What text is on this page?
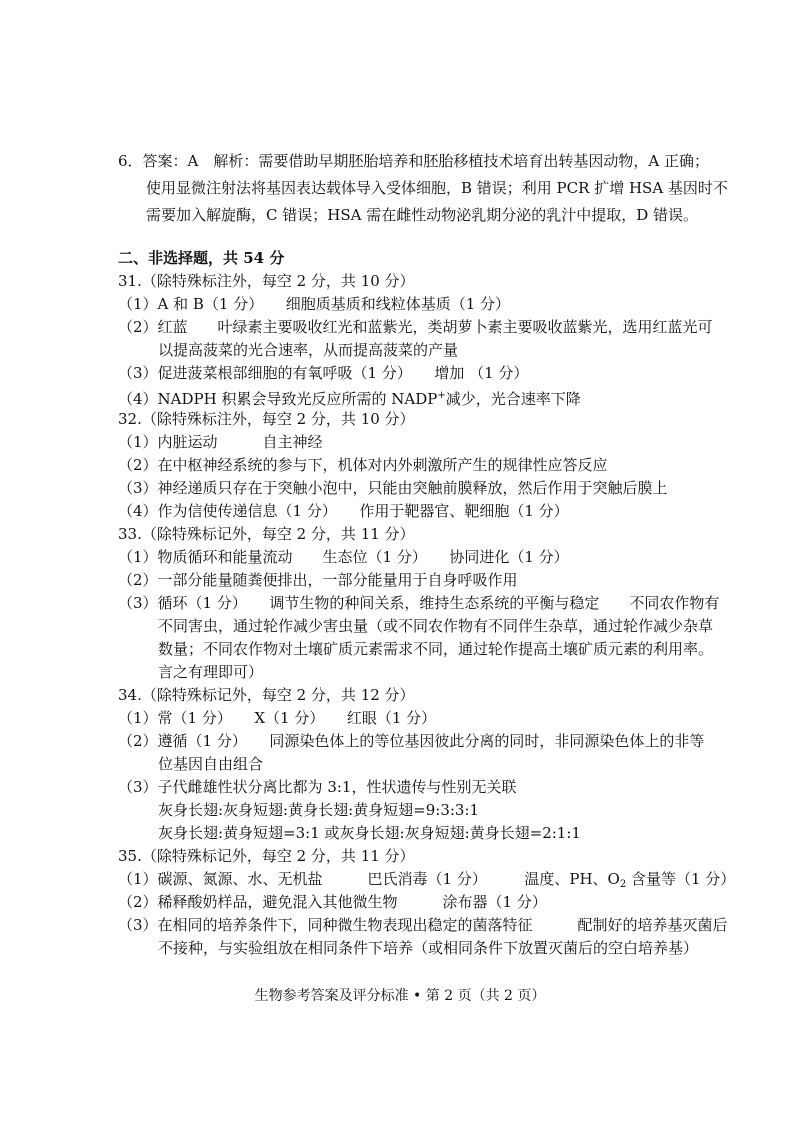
6．答案：A　解析：需要借助早期胚胎培养和胚胎移植技术培育出转基因动物，A 正确；
使用显微注射法将基因表达载体导入受体细胞，B 错误；利用 PCR 扩增 HSA 基因时不
需要加入解旋酶，C 错误；HSA 需在雌性动物泌乳期分泌的乳汁中提取，D 错误。
二、非选择题，共 54 分
31.（除特殊标注外，每空 2 分，共 10 分）
（1）A 和 B（1 分）　　细胞质基质和线粒体基质（1 分）
（2）红蓝　　叶绿素主要吸收红光和蓝紫光，类胡萝卜素主要吸收蓝紫光，选用红蓝光可
以提高菠菜的光合速率，从而提高菠菜的产量
（3）促进菠菜根部细胞的有氧呼吸（1 分）　　增加 （1 分）
（4）NADPH 积累会导致光反应所需的 NADP+减少，光合速率下降
32.（除特殊标注外，每空 2 分，共 10 分）
（1）内脏运动　　　自主神经
（2）在中枢神经系统的参与下，机体对内外刺激所产生的规律性应答反应
（3）神经递质只存在于突触小泡中，只能由突触前膜释放，然后作用于突触后膜上
（4）作为信使传递信息（1 分）　　作用于靶器官、靶细胞（1 分）
33.（除特殊标记外，每空 2 分，共 11 分）
（1）物质循环和能量流动　　生态位（1 分）　　协同进化（1 分）
（2）一部分能量随粪便排出，一部分能量用于自身呼吸作用
（3）循环（1 分）　　调节生物的种间关系，维持生态系统的平衡与稳定　　不同农作物有
不同害虫，通过轮作减少害虫量（或不同农作物有不同伴生杂草，通过轮作减少杂草
数量；不同农作物对土壤矿质元素需求不同，通过轮作提高土壤矿质元素的利用率。
言之有理即可）
34.（除特殊标记外，每空 2 分，共 12 分）
（1）常（1 分）　　X（1 分）　　红眼（1 分）
（2）遵循（1 分）　　同源染色体上的等位基因彼此分离的同时，非同源染色体上的非等
位基因自由组合
（3）子代雌雄性状分离比都为 3:1，性状遗传与性别无关联
灰身长翅:灰身短翅:黄身长翅:黄身短翅=9:3:3:1
灰身长翅:黄身短翅=3:1 或灰身长翅:灰身短翅:黄身长翅=2:1:1
35.（除特殊标记外，每空 2 分，共 11 分）
（1）碳源、氮源、水、无机盐　　　巴氏消毒（1 分）　　　温度、PH、$O_2$ 含量等（1 分）
（2）稀释酸奶样品，避免混入其他微生物　　　涂布器（1 分）
（3）在相同的培养条件下，同种微生物表现出稳定的菌落特征　　　配制好的培养基灭菌后
不接种，与实验组放在相同条件下培养（或相同条件下放置灭菌后的空白培养基）
生物参考答案及评分标准 • 第 2 页（共 2 页）
